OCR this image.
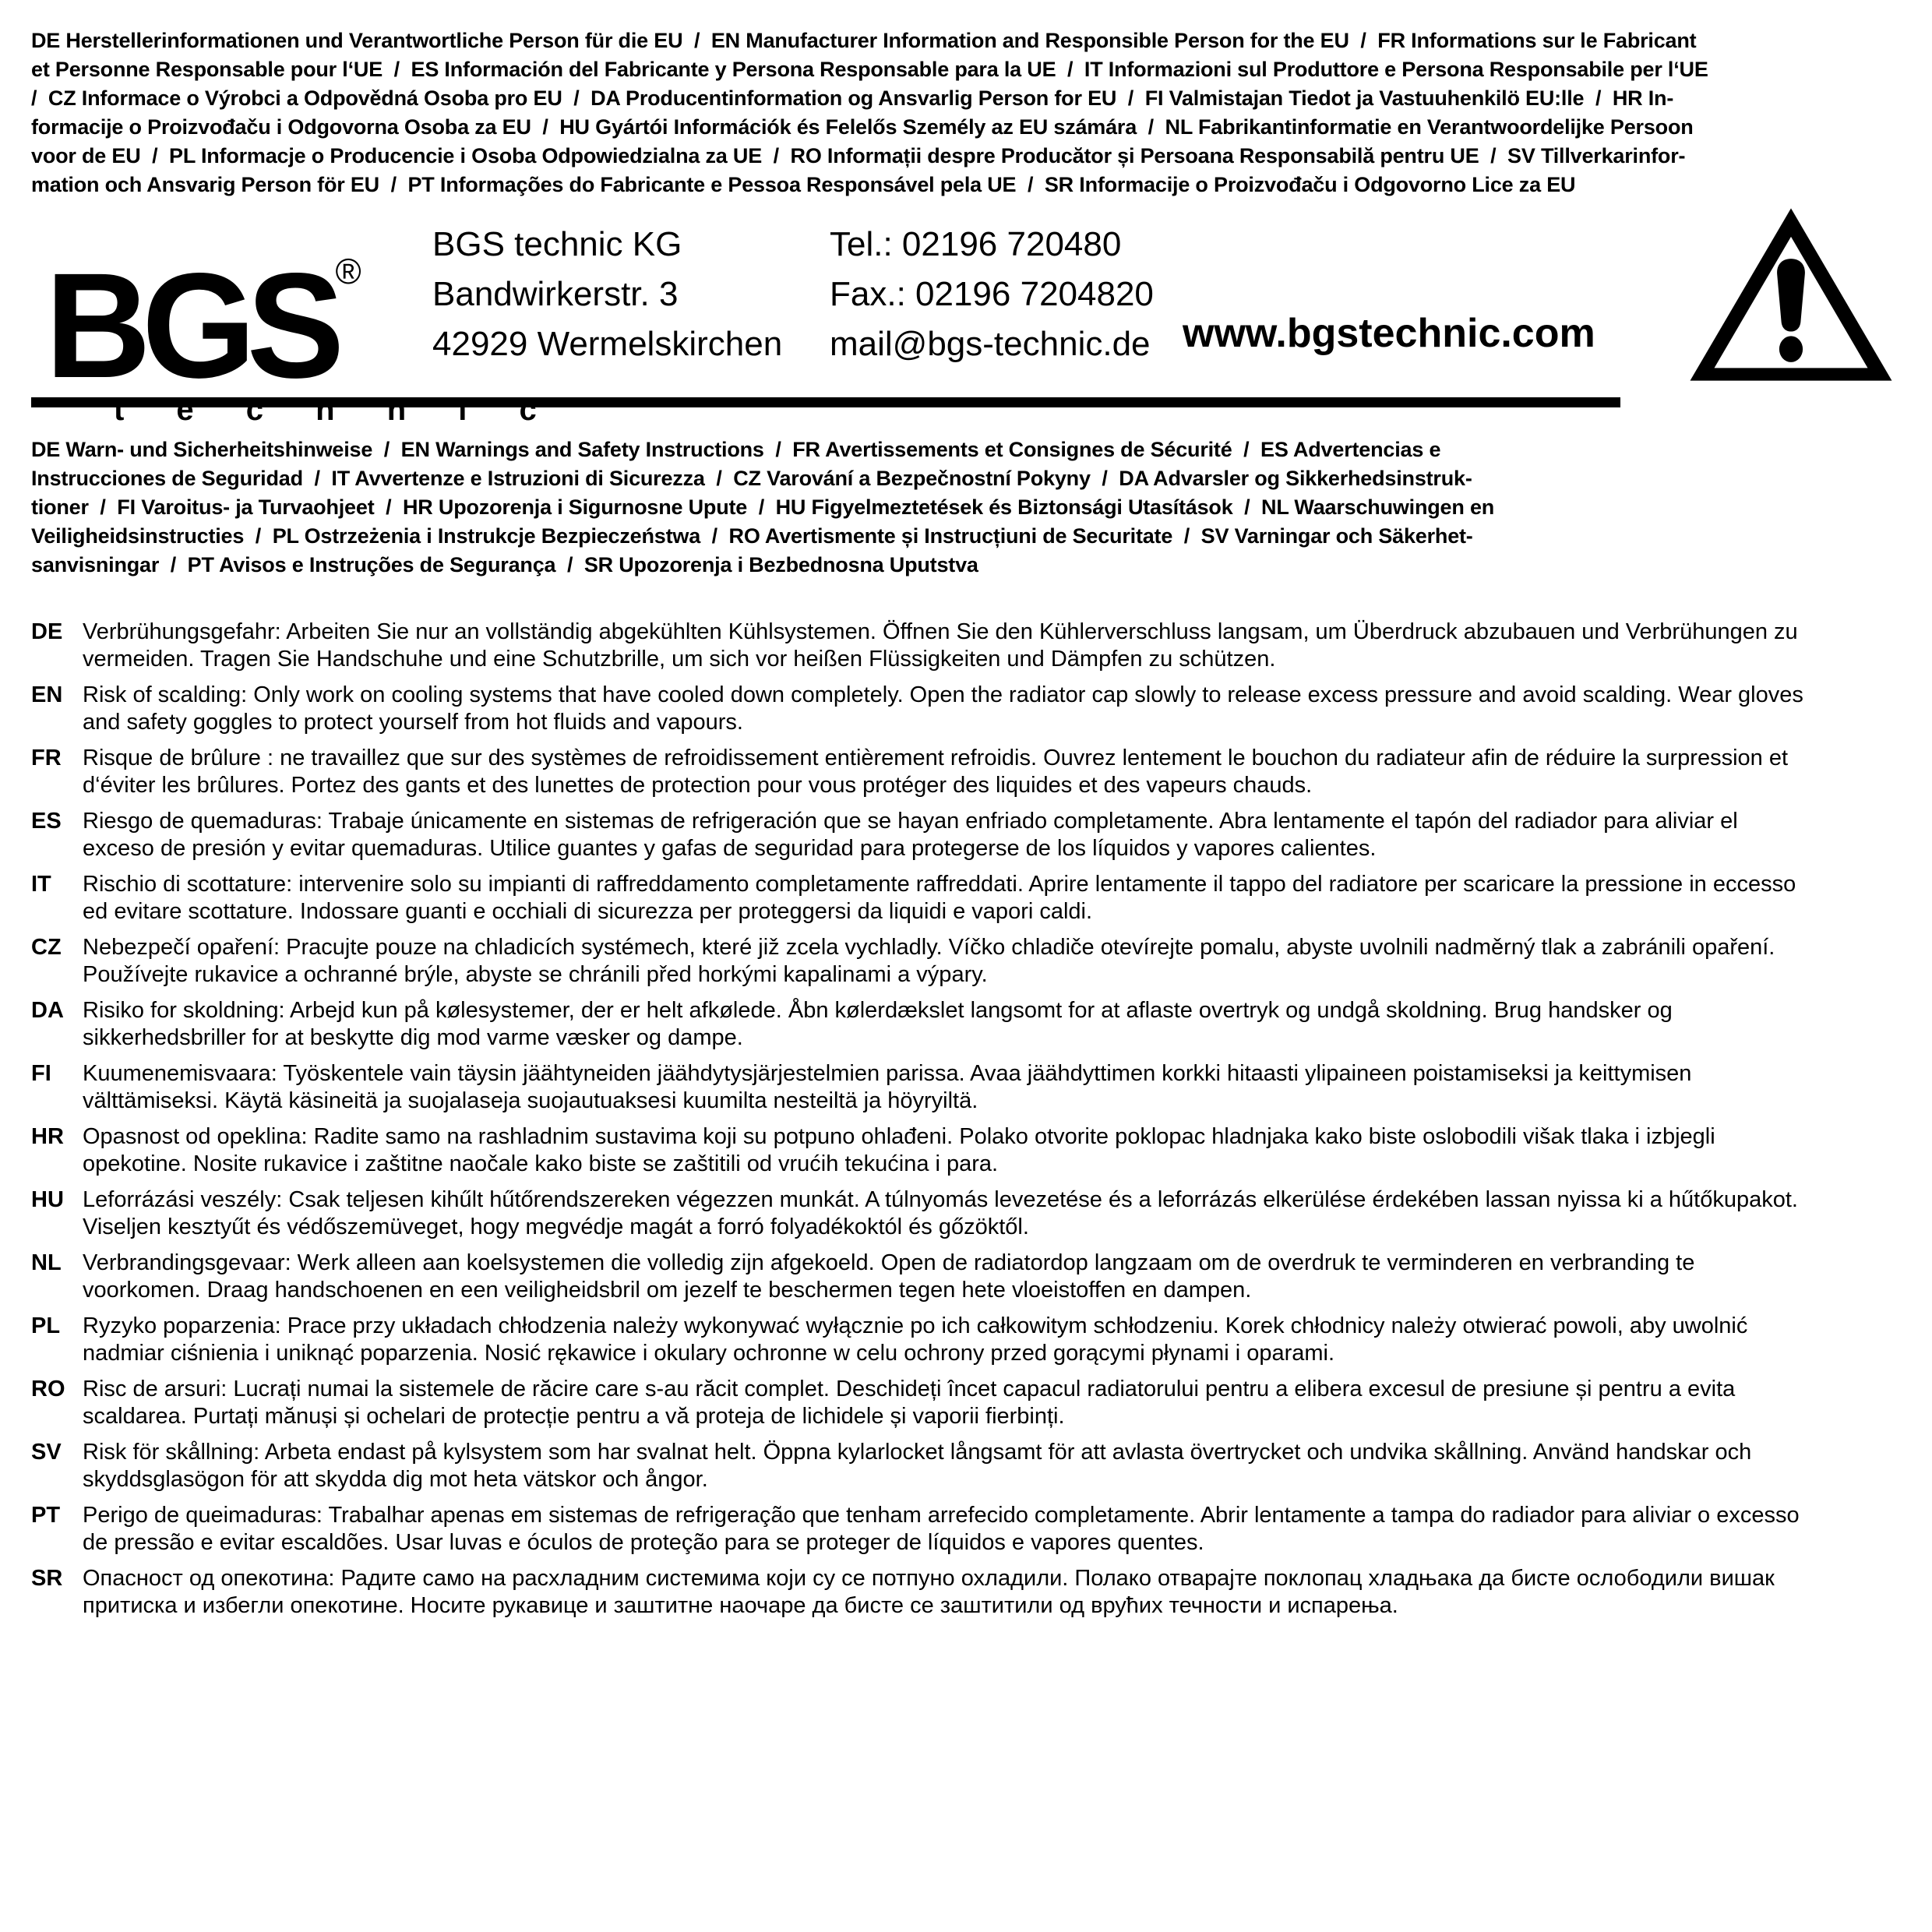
DE Herstellerinformationen und Verantwortliche Person für die EU  /  EN Manufacturer Information and Responsible Person for the EU  /  FR Informations sur le Fabricant
et Personne Responsable pour l‘UE  /  ES Información del Fabricante y Persona Responsable para la UE  /  IT Informazioni sul Produttore e Persona Responsabile per l‘UE
/  CZ Informace o Výrobci a Odpovědná Osoba pro EU  /  DA Producentinformation og Ansvarlig Person for EU  /  FI Valmistajan Tiedot ja Vastuuhenkilö EU:lle  /  HR In-
formacije o Proizvođaču i Odgovorna Osoba za EU  /  HU Gyártói Információk és Felelős Személy az EU számára  /  NL Fabrikantinformatie en Verantwoordelijke Persoon
voor de EU  /  PL Informacje o Producencie i Osoba Odpowiedzialna za UE  /  RO Informații despre Producător și Persoana Responsabilă pentru UE  /  SV Tillverkarinfor-
mation och Ansvarig Person för EU  /  PT Informações do Fabricante e Pessoa Responsável pela UE  /  SR Informacije o Proizvođaču i Odgovorno Lice za EU
BGS®
t e c h n i c
BGS technic KG
Bandwirkerstr. 3
42929 Wermelskirchen
Tel.: 02196 720480
Fax.: 02196 7204820
mail@bgs-technic.de www.bgstechnic.com
DE Warn- und Sicherheitshinweise  /  EN Warnings and Safety Instructions  /  FR Avertissements et Consignes de Sécurité  /  ES Advertencias e
Instrucciones de Seguridad  /  IT Avvertenze e Istruzioni di Sicurezza  /  CZ Varování a Bezpečnostní Pokyny  /  DA Advarsler og Sikkerhedsinstruk-
tioner  /  FI Varoitus- ja Turvaohjeet  /  HR Upozorenja i Sigurnosne Upute  /  HU Figyelmeztetések és Biztonsági Utasítások  /  NL Waarschuwingen en
Veiligheidsinstructies  /  PL Ostrzeżenia i Instrukcje Bezpieczeństwa  /  RO Avertismente și Instrucțiuni de Securitate  /  SV Varningar och Säkerhet-
sanvisningar  /  PT Avisos e Instruções de Segurança  /  SR Upozorenja i Bezbednosna Uputstva
DE Verbrühungsgefahr: Arbeiten Sie nur an vollständig abgekühlten Kühlsystemen. Öffnen Sie den Kühlerverschluss langsam, um Überdruck abzubauen und Verbrühungen zu
vermeiden. Tragen Sie Handschuhe und eine Schutzbrille, um sich vor heißen Flüssigkeiten und Dämpfen zu schützen.
EN Risk of scalding: Only work on cooling systems that have cooled down completely. Open the radiator cap slowly to release excess pressure and avoid scalding. Wear gloves
and safety goggles to protect yourself from hot fluids and vapours.
FR Risque de brûlure : ne travaillez que sur des systèmes de refroidissement entièrement refroidis. Ouvrez lentement le bouchon du radiateur afin de réduire la surpression et
d‘éviter les brûlures. Portez des gants et des lunettes de protection pour vous protéger des liquides et des vapeurs chauds.
ES Riesgo de quemaduras: Trabaje únicamente en sistemas de refrigeración que se hayan enfriado completamente. Abra lentamente el tapón del radiador para aliviar el
exceso de presión y evitar quemaduras. Utilice guantes y gafas de seguridad para protegerse de los líquidos y vapores calientes.
IT	Rischio di scottature: intervenire solo su impianti di raffreddamento completamente raffreddati. Aprire lentamente il tappo del radiatore per scaricare la pressione in eccesso
ed evitare scottature. Indossare guanti e occhiali di sicurezza per proteggersi da liquidi e vapori caldi.
CZ Nebezpečí opaření: Pracujte pouze na chladicích systémech, které již zcela vychladly. Víčko chladiče otevírejte pomalu, abyste uvolnili nadměrný tlak a zabránili opaření.
Používejte rukavice a ochranné brýle, abyste se chránili před horkými kapalinami a výpary.
DA Risiko for skoldning: Arbejd kun på kølesystemer, der er helt afkølede. Åbn kølerdækslet langsomt for at aflaste overtryk og undgå skoldning. Brug handsker og
sikkerhedsbriller for at beskytte dig mod varme væsker og dampe.
FI	Kuumenemisvaara: Työskentele vain täysin jäähtyneiden jäähdytysjärjestelmien parissa. Avaa jäähdyttimen korkki hitaasti ylipaineen poistamiseksi ja keittymisen
välttämiseksi. Käytä käsineitä ja suojalaseja suojautuaksesi kuumilta nesteiltä ja höyryiltä.
HR Opasnost od opeklina: Radite samo na rashladnim sustavima koji su potpuno ohlađeni. Polako otvorite poklopac hladnjaka kako biste oslobodili višak tlaka i izbjegli
opekotine. Nosite rukavice i zaštitne naočale kako biste se zaštitili od vrućih tekućina i para.
HU Leforrázási veszély: Csak teljesen kihűlt hűtőrendszereken végezzen munkát. A túlnyomás levezetése és a leforrázás elkerülése érdekében lassan nyissa ki a hűtőkupakot.
Viseljen kesztyűt és védőszemüveget, hogy megvédje magát a forró folyadékoktól és gőzöktől.
NL Verbrandingsgevaar: Werk alleen aan koelsystemen die volledig zijn afgekoeld. Open de radiatordop langzaam om de overdruk te verminderen en verbranding te
voorkomen. Draag handschoenen en een veiligheidsbril om jezelf te beschermen tegen hete vloeistoffen en dampen.
PL Ryzyko poparzenia: Prace przy układach chłodzenia należy wykonywać wyłącznie po ich całkowitym schłodzeniu. Korek chłodnicy należy otwierać powoli, aby uwolnić
nadmiar ciśnienia i uniknąć poparzenia. Nosić rękawice i okulary ochronne w celu ochrony przed gorącymi płynami i oparami.
RO Risc de arsuri: Lucrați numai la sistemele de răcire care s-au răcit complet. Deschideți încet capacul radiatorului pentru a elibera excesul de presiune și pentru a evita
scaldarea. Purtați mănuși și ochelari de protecție pentru a vă proteja de lichidele și vaporii fierbinți.
SV Risk för skållning: Arbeta endast på kylsystem som har svalnat helt. Öppna kylarlocket långsamt för att avlasta övertrycket och undvika skållning. Använd handskar och
skyddsglasögon för att skydda dig mot heta vätskor och ångor.
PT Perigo de queimaduras: Trabalhar apenas em sistemas de refrigeração que tenham arrefecido completamente. Abrir lentamente a tampa do radiador para aliviar o excesso
de pressão e evitar escaldões. Usar luvas e óculos de proteção para se proteger de líquidos e vapores quentes.
SR Опасност од опекотина: Радите само на расхладним системима који су се потпуно охладили. Полако отварајте поклопац хладњака да бисте ослободили вишак
притиска и избегли опекотине. Носите рукавице и заштитне наочаре да бисте се заштитили од врућих течности и испарења.
